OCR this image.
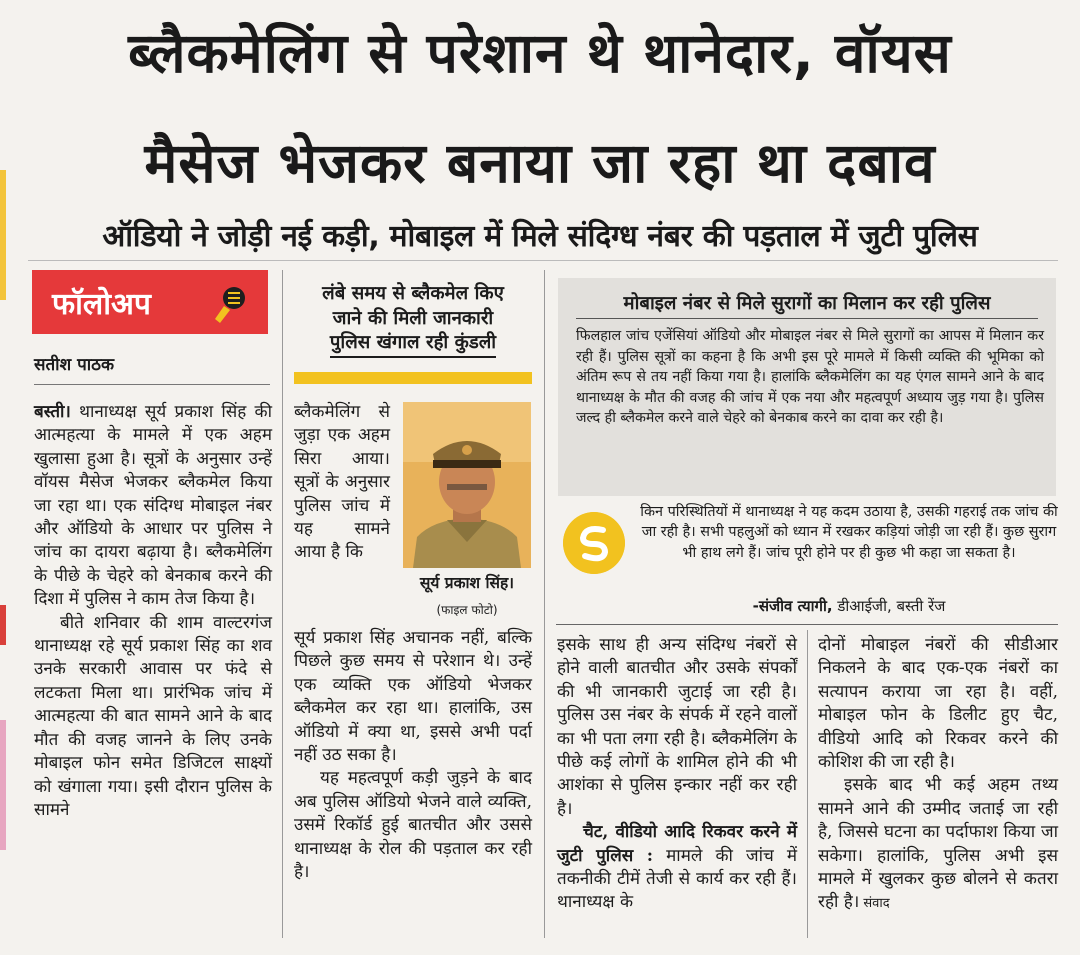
ब्लैकमेलिंग से परेशान थे थानेदार, वॉयस
मैसेज भेजकर बनाया जा रहा था दबाव
ऑडियो ने जोड़ी नई कड़ी, मोबाइल में मिले संदिग्ध नंबर की पड़ताल में जुटी पुलिस
फॉलोअप
सतीश पाठक

बस्ती। थानाध्यक्ष सूर्य प्रकाश सिंह की आत्महत्या के मामले में एक अहम खुलासा हुआ है। सूत्रों के अनुसार उन्हें वॉयस मैसेज भेजकर ब्लैकमेल किया जा रहा था। एक संदिग्ध मोबाइल नंबर और ऑडियो के आधार पर पुलिस ने जांच का दायरा बढ़ाया है। ब्लैकमेलिंग के पीछे के चेहरे को बेनकाब करने की दिशा में पुलिस ने काम तेज किया है।

बीते शनिवार की शाम वाल्टरगंज थानाध्यक्ष रहे सूर्य प्रकाश सिंह का शव उनके सरकारी आवास पर फंदे से लटकता मिला था। प्रारंभिक जांच में आत्महत्या की बात सामने आने के बाद मौत की वजह जानने के लिए उनके मोबाइल फोन समेत डिजिटल साक्ष्यों को खंगाला गया। इसी दौरान पुलिस के सामने

लंबे समय से ब्लैकमेल किए
जाने की मिली जानकारी
पुलिस खंगाल रही कुंडली
ब्लैकमेलिंग से जुड़ा एक अहम सिरा आया। सूत्रों के अनुसार पुलिस जांच में यह सामने आया है कि
सूर्य प्रकाश सिंह।
(फाइल फोटो)

सूर्य प्रकाश सिंह अचानक नहीं, बल्कि पिछले कुछ समय से परेशान थे। उन्हें एक व्यक्ति एक ऑडियो भेजकर ब्लैकमेल कर रहा था। हालांकि, उस ऑडियो में क्या था, इससे अभी पर्दा नहीं उठ सका है।

यह महत्वपूर्ण कड़ी जुड़ने के बाद अब पुलिस ऑडियो भेजने वाले व्यक्ति, उसमें रिकॉर्ड हुई बातचीत और उससे थानाध्यक्ष के रोल की पड़ताल कर रही है।

मोबाइल नंबर से मिले सुरागों का मिलान कर रही पुलिस
फिलहाल जांच एजेंसियां ऑडियो और मोबाइल नंबर से मिले सुरागों का आपस में मिलान कर रही हैं। पुलिस सूत्रों का कहना है कि अभी इस पूरे मामले में किसी व्यक्ति की भूमिका को अंतिम रूप से तय नहीं किया गया है। हालांकि ब्लैकमेलिंग का यह एंगल सामने आने के बाद थानाध्यक्ष के मौत की वजह की जांच में एक नया और महत्वपूर्ण अध्याय जुड़ गया है। पुलिस जल्द ही ब्लैकमेल करने वाले चेहरे को बेनकाब करने का दावा कर रही है।
किन परिस्थितियों में थानाध्यक्ष ने यह कदम उठाया है, उसकी गहराई तक जांच की जा रही है। सभी पहलुओं को ध्यान में रखकर कड़ियां जोड़ी जा रही हैं। कुछ सुराग भी हाथ लगे हैं। जांच पूरी होने पर ही कुछ भी कहा जा सकता है।
-संजीव त्यागी, डीआईजी, बस्ती रेंज

इसके साथ ही अन्य संदिग्ध नंबरों से होने वाली बातचीत और उसके संपर्कों की भी जानकारी जुटाई जा रही है। पुलिस उस नंबर के संपर्क में रहने वालों का भी पता लगा रही है। ब्लैकमेलिंग के पीछे कई लोगों के शामिल होने की भी आशंका से पुलिस इन्कार नहीं कर रही है।

चैट, वीडियो आदि रिकवर करने में जुटी पुलिस : मामले की जांच में तकनीकी टीमें तेजी से कार्य कर रही हैं। थानाध्यक्ष के

दोनों मोबाइल नंबरों की सीडीआर निकलने के बाद एक-एक नंबरों का सत्यापन कराया जा रहा है। वहीं, मोबाइल फोन के डिलीट हुए चैट, वीडियो आदि को रिकवर करने की कोशिश की जा रही है।

इसके बाद भी कई अहम तथ्य सामने आने की उम्मीद जताई जा रही है, जिससे घटना का पर्दाफाश किया जा सकेगा। हालांकि, पुलिस अभी इस मामले में खुलकर कुछ बोलने से कतरा रही है। संवाद
